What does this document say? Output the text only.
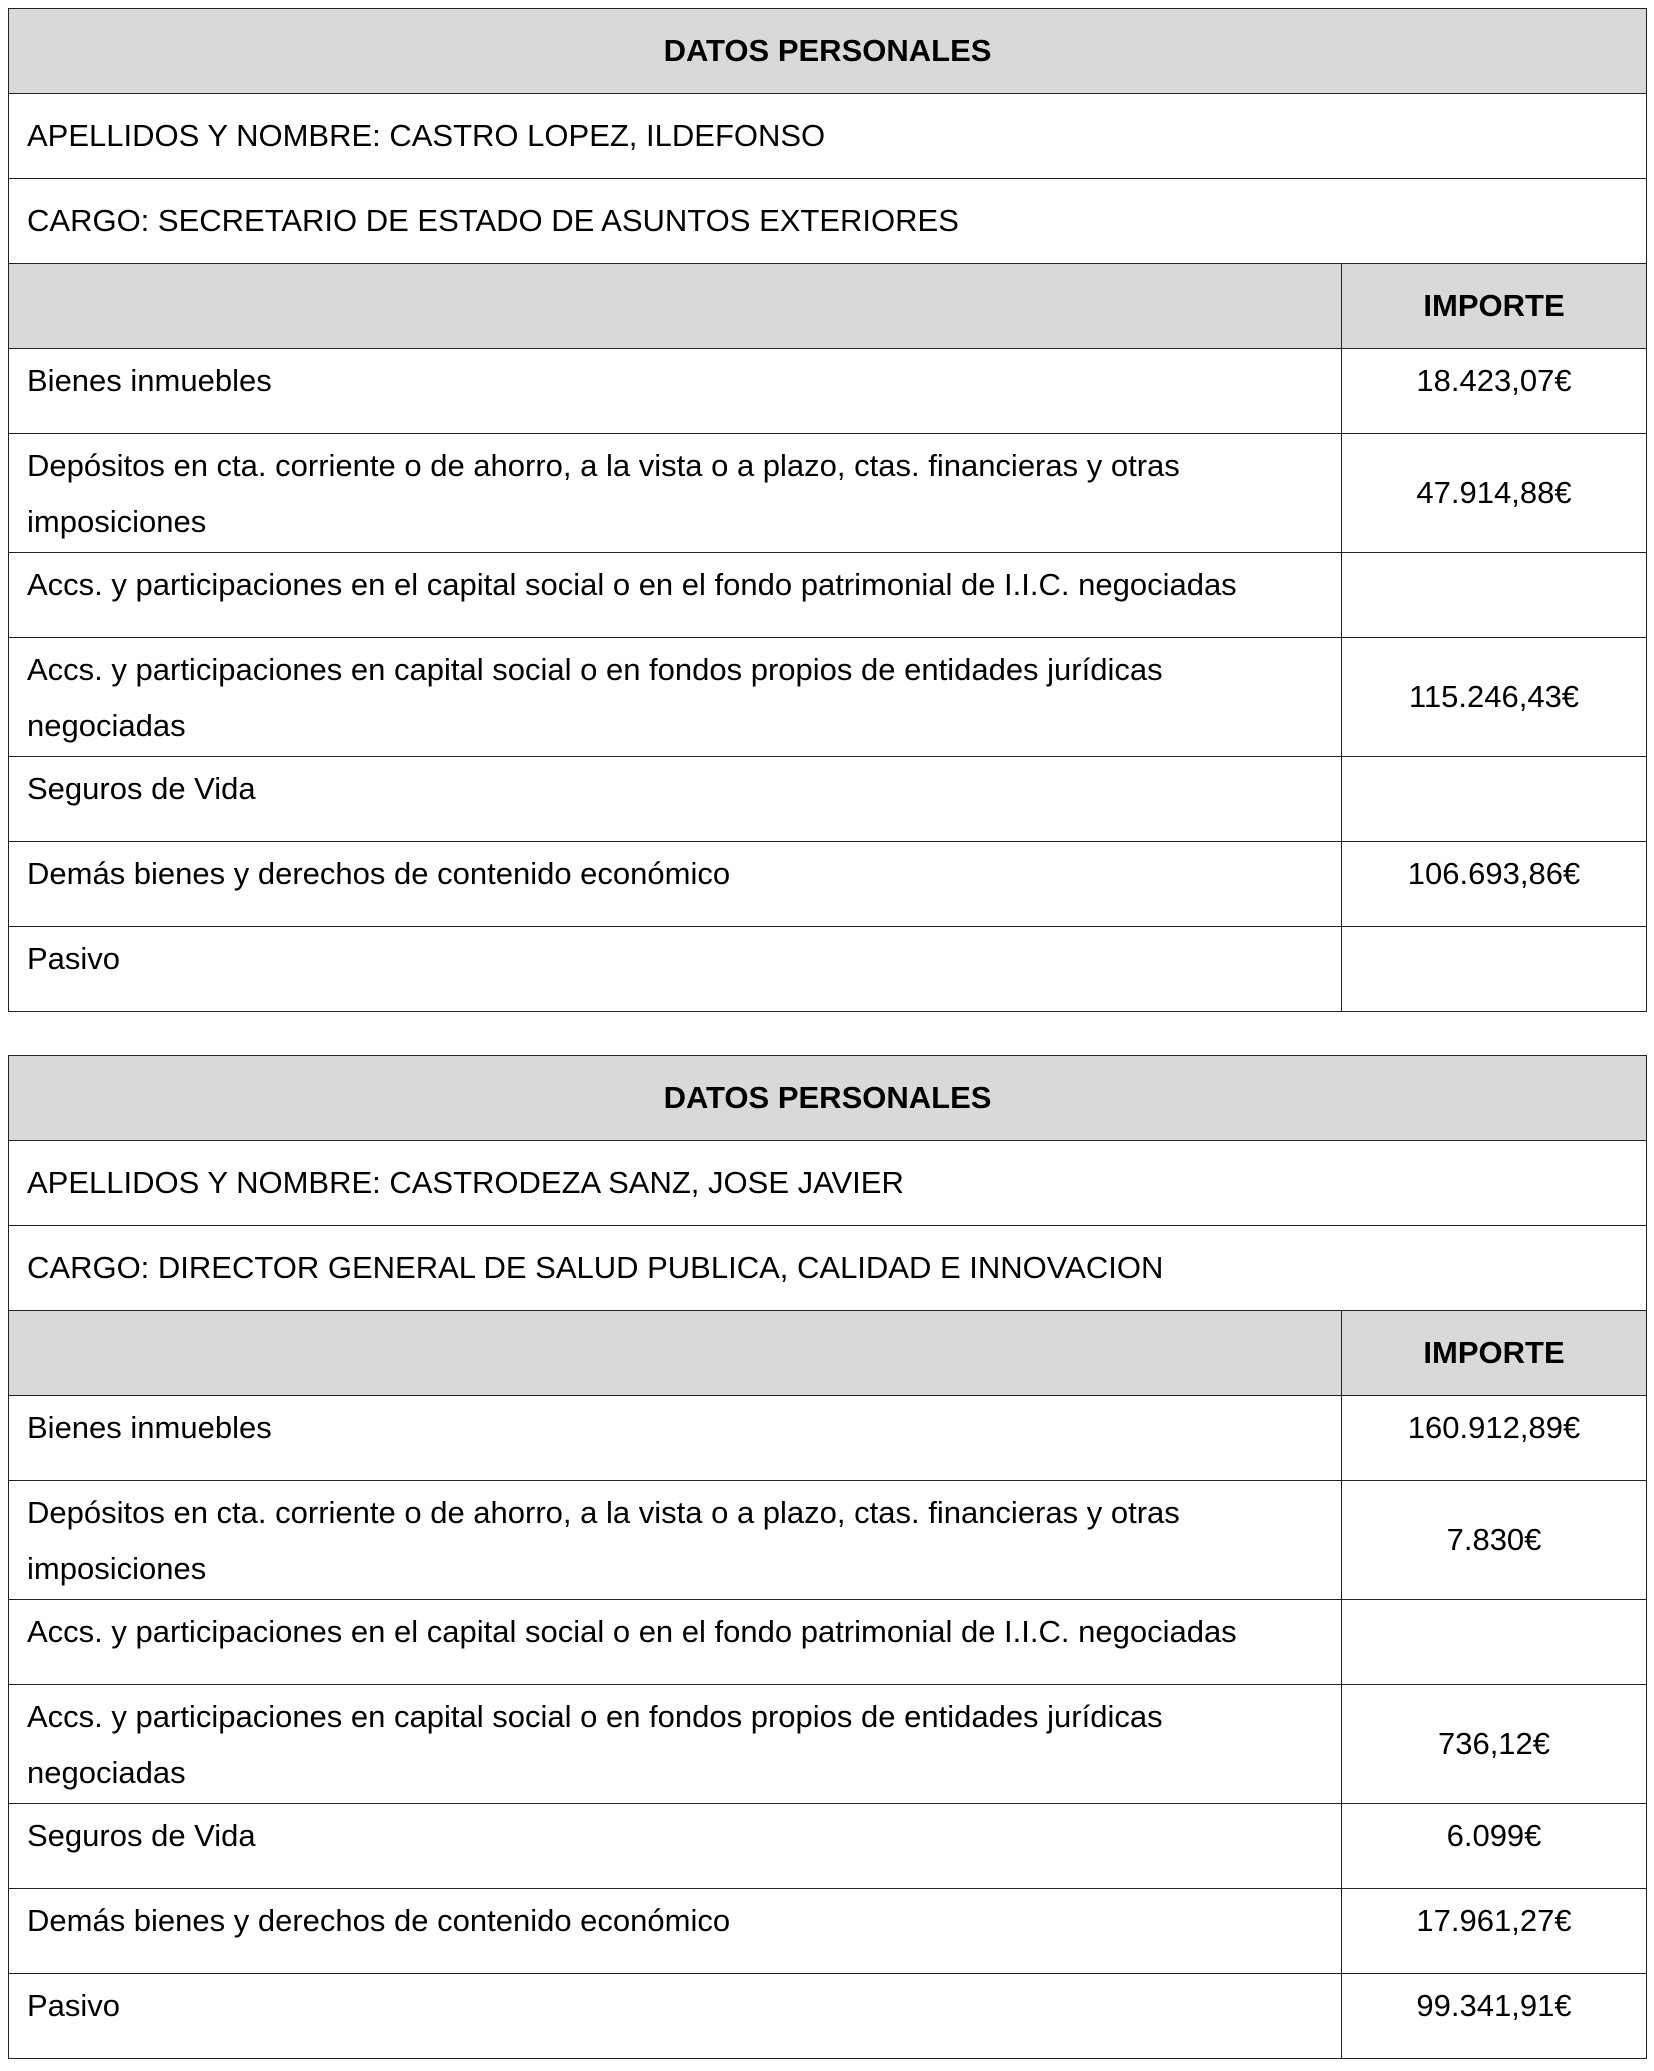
DATOS PERSONALES	
APELLIDOS Y NOMBRE: CASTRO LOPEZ, ILDEFONSO	
CARGO: SECRETARIO DE ESTADO DE ASUNTOS EXTERIORES	
	IMPORTE

Bienes inmuebles	18.423,07€

Depósitos en cta. corriente o de ahorro, a la vista o a plazo, ctas. financieras y otras imposiciones	47.914,88€

Accs. y participaciones en el capital social o en el fondo patrimonial de I.I.C. negociadas	

Accs. y participaciones en capital social o en fondos propios de entidades jurídicas negociadas	115.246,43€

Seguros de Vida	

Demás bienes y derechos de contenido económico	106.693,86€

Pasivo	

DATOS PERSONALES	
APELLIDOS Y NOMBRE: CASTRODEZA SANZ, JOSE JAVIER	
CARGO: DIRECTOR GENERAL DE SALUD PUBLICA, CALIDAD E INNOVACION	
	IMPORTE

Bienes inmuebles	160.912,89€

Depósitos en cta. corriente o de ahorro, a la vista o a plazo, ctas. financieras y otras imposiciones	7.830€

Accs. y participaciones en el capital social o en el fondo patrimonial de I.I.C. negociadas	

Accs. y participaciones en capital social o en fondos propios de entidades jurídicas negociadas	736,12€

Seguros de Vida	6.099€

Demás bienes y derechos de contenido económico	17.961,27€

Pasivo	99.341,91€
